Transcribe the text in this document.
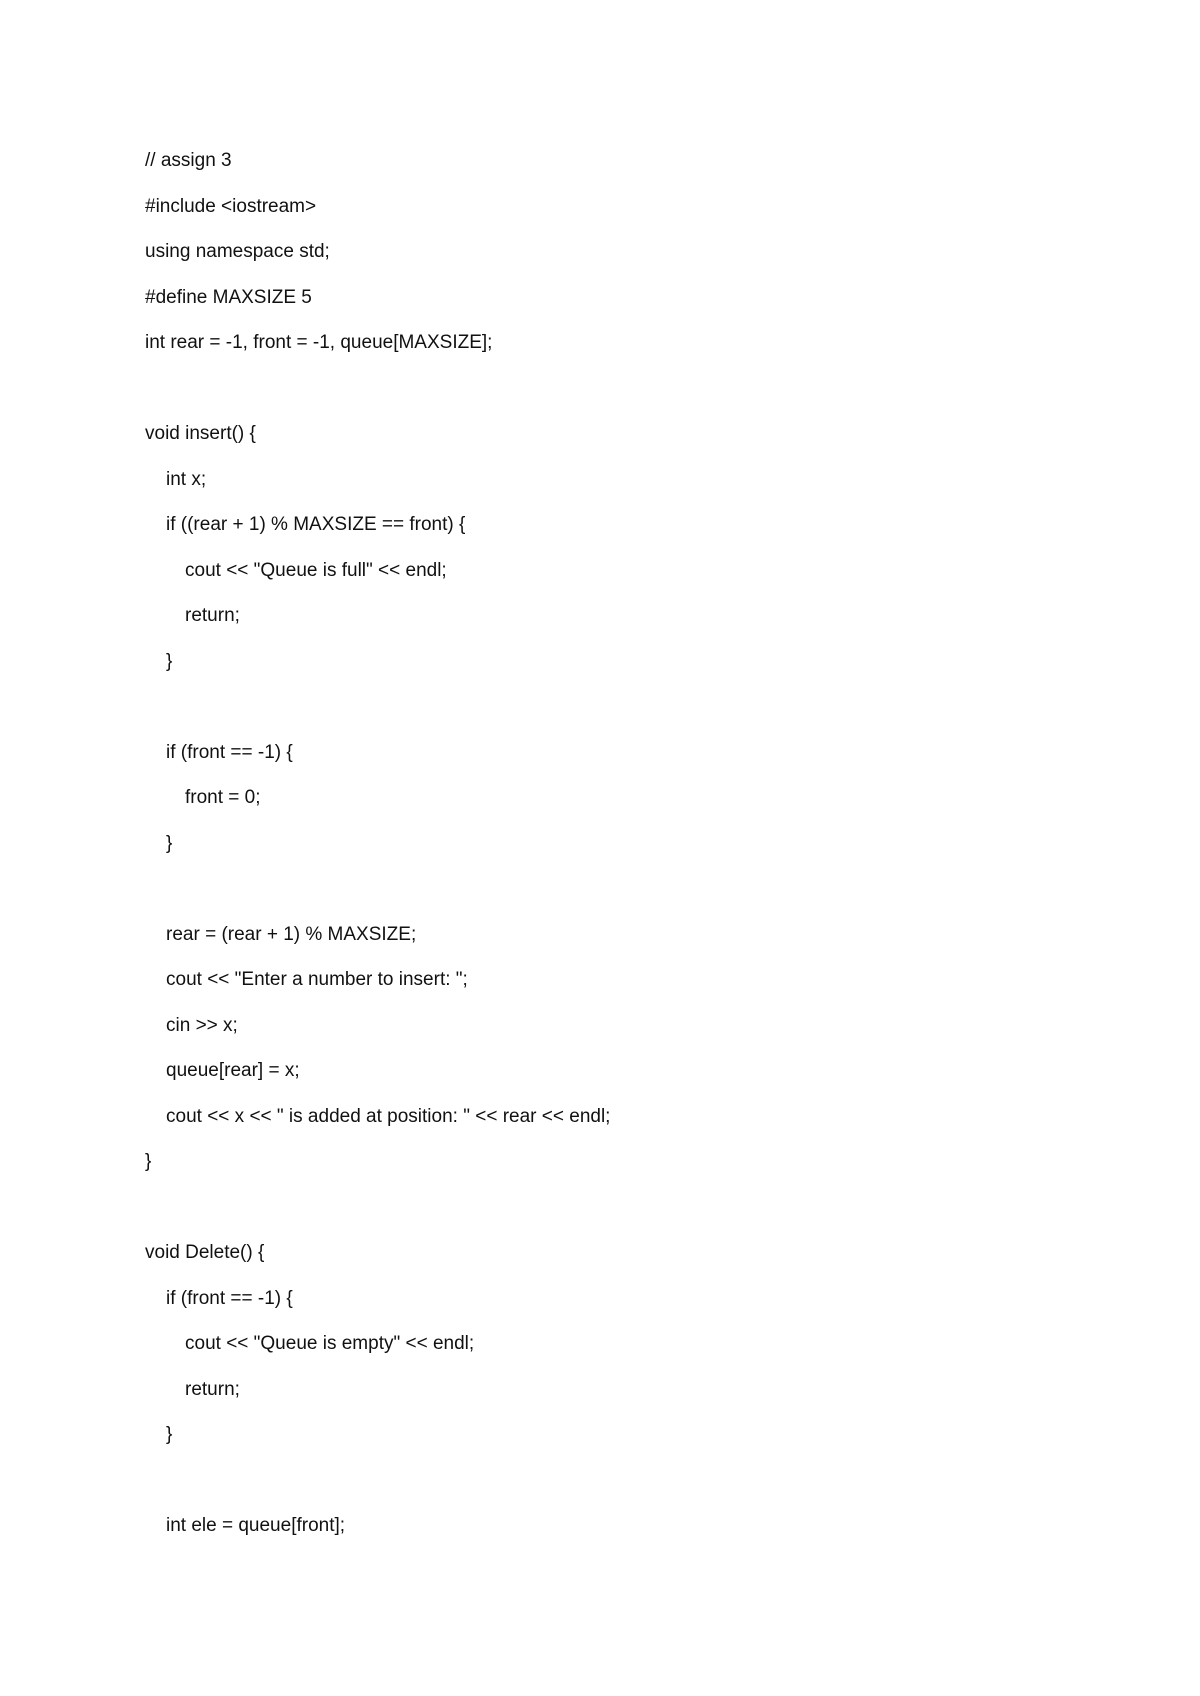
// assign 3
#include <iostream>
using namespace std;
#define MAXSIZE 5
int rear = -1, front = -1, queue[MAXSIZE];
void insert() {
int x;
if ((rear + 1) % MAXSIZE == front) {
cout << "Queue is full" << endl;
return;
}
if (front == -1) {
front = 0;
}
rear = (rear + 1) % MAXSIZE;
cout << "Enter a number to insert: ";
cin >> x;
queue[rear] = x;
cout << x << " is added at position: " << rear << endl;
}
void Delete() {
if (front == -1) {
cout << "Queue is empty" << endl;
return;
}
int ele = queue[front];
